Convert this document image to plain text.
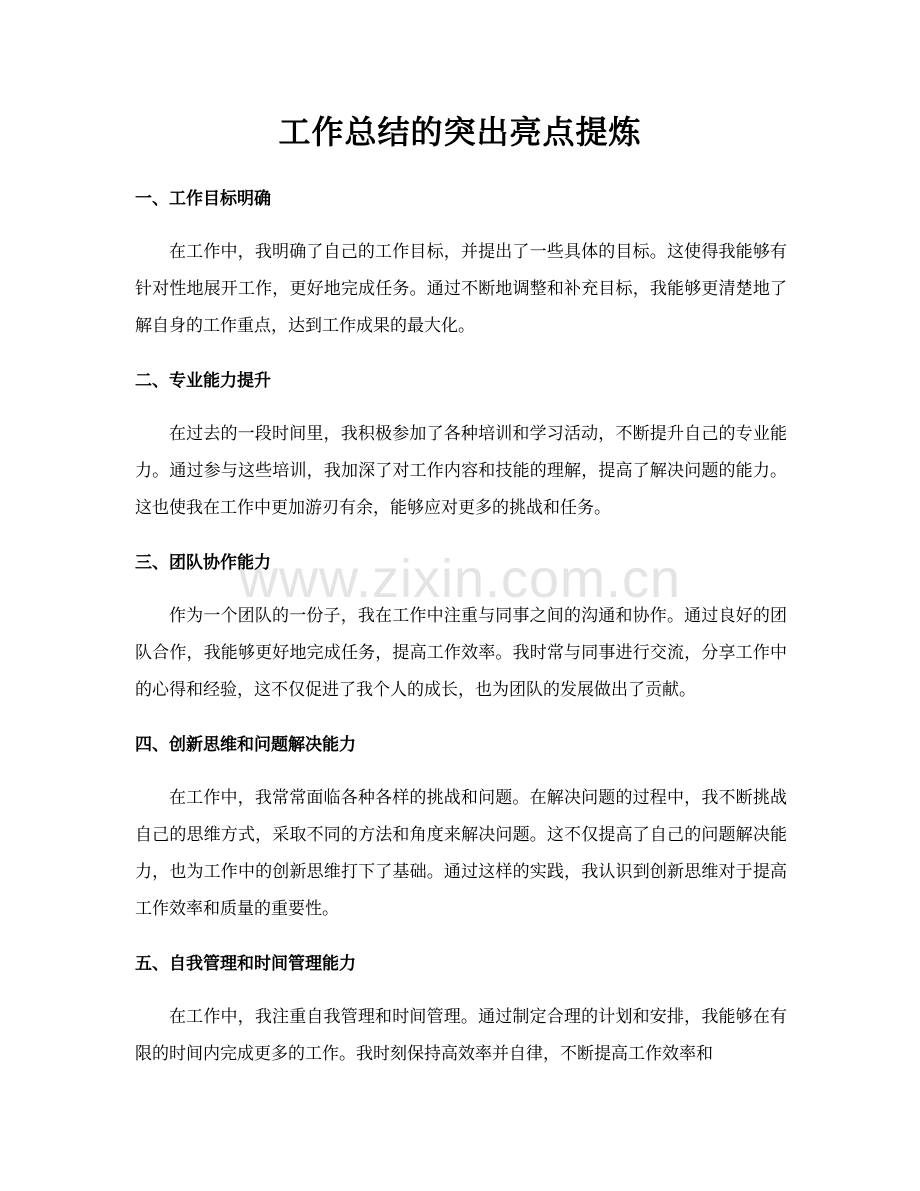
工作总结的突出亮点提炼
www.zixin.com.cn
一、工作目标明确

在工作中，我明确了自己的工作目标，并提出了一些具体的目标。这使得我能够有针对性地展开工作，更好地完成任务。通过不断地调整和补充目标，我能够更清楚地了解自身的工作重点，达到工作成果的最大化。

二、专业能力提升

在过去的一段时间里，我积极参加了各种培训和学习活动，不断提升自己的专业能力。通过参与这些培训，我加深了对工作内容和技能的理解，提高了解决问题的能力。这也使我在工作中更加游刃有余，能够应对更多的挑战和任务。

三、团队协作能力

作为一个团队的一份子，我在工作中注重与同事之间的沟通和协作。通过良好的团队合作，我能够更好地完成任务，提高工作效率。我时常与同事进行交流，分享工作中的心得和经验，这不仅促进了我个人的成长，也为团队的发展做出了贡献。

四、创新思维和问题解决能力

在工作中，我常常面临各种各样的挑战和问题。在解决问题的过程中，我不断挑战自己的思维方式，采取不同的方法和角度来解决问题。这不仅提高了自己的问题解决能力，也为工作中的创新思维打下了基础。通过这样的实践，我认识到创新思维对于提高工作效率和质量的重要性。

五、自我管理和时间管理能力

在工作中，我注重自我管理和时间管理。通过制定合理的计划和安排，我能够在有限的时间内完成更多的工作。我时刻保持高效率并自律，不断提高工作效率和
